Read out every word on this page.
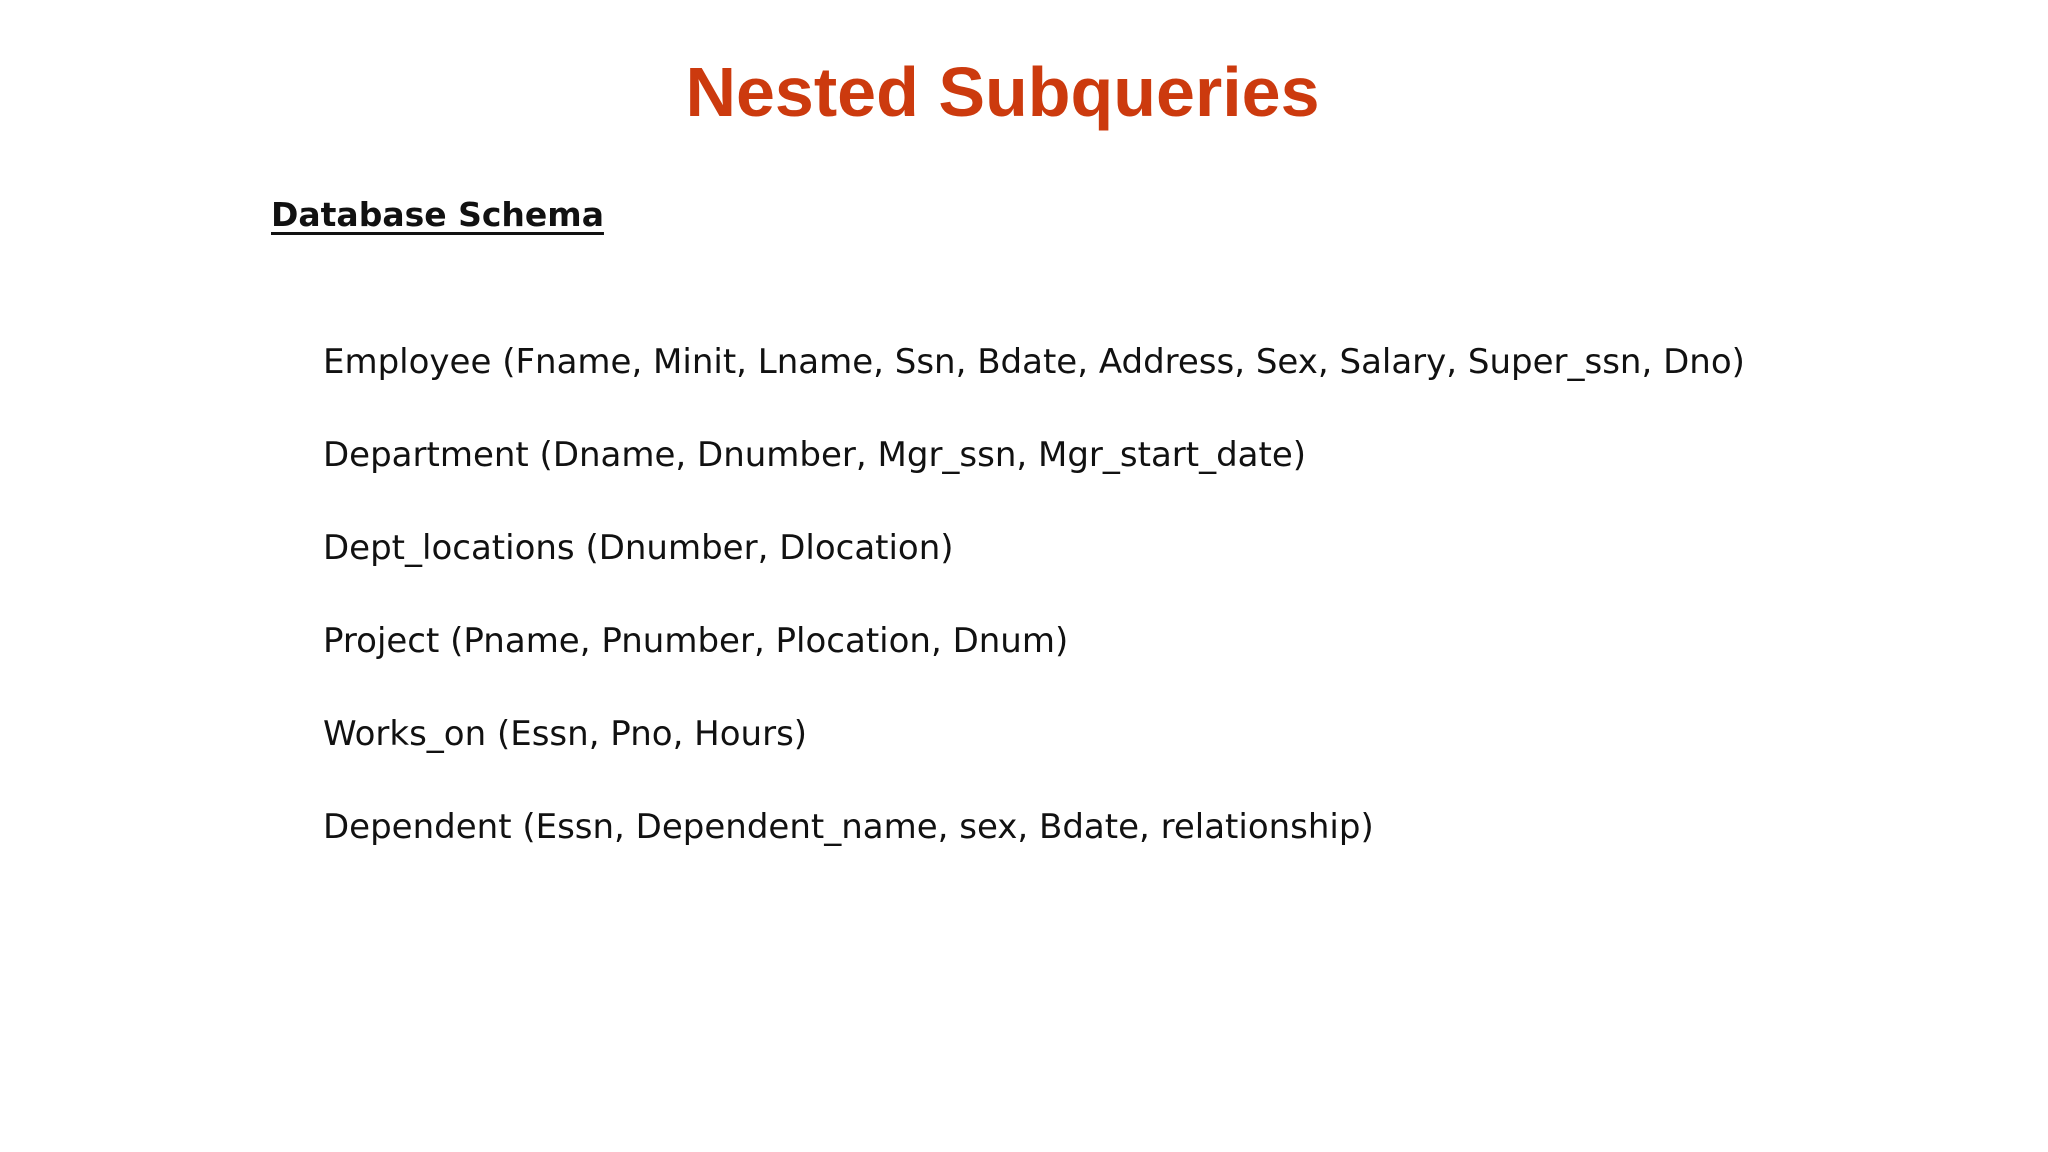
Nested Subqueries
Database Schema
Employee (Fname, Minit, Lname, Ssn, Bdate, Address, Sex, Salary, Super_ssn, Dno)
Department (Dname, Dnumber, Mgr_ssn, Mgr_start_date)
Dept_locations (Dnumber, Dlocation)
Project (Pname, Pnumber, Plocation, Dnum)
Works_on (Essn, Pno, Hours)
Dependent (Essn, Dependent_name, sex, Bdate, relationship)
